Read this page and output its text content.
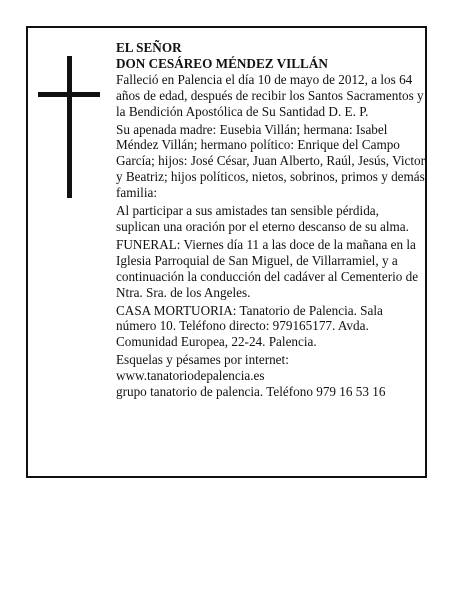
EL SEÑOR
DON CESÁREO MÉNDEZ VILLÁN
Falleció en Palencia el día 10 de mayo de 2012, a los 64 años de edad, después de recibir los Santos Sacramentos y la Bendición Apostólica de Su Santidad D. E. P.
Su apenada madre: Eusebia Villán; hermana: Isabel Méndez Villán; hermano político: Enrique del Campo García; hijos: José César, Juan Alberto, Raúl, Jesús, Victor y Beatriz; hijos políticos, nietos, sobrinos, primos y demás familia:
Al participar a sus amistades tan sensible pérdida, suplican una oración por el eterno descanso de su alma.
FUNERAL: Viernes día 11 a las doce de la mañana en la Iglesia Parroquial de San Miguel, de Villarramiel, y a continuación la conducción del cadáver al Cementerio de Ntra. Sra. de los Angeles.
CASA MORTUORIA: Tanatorio de Palencia. Sala número 10. Teléfono directo: 979165177. Avda. Comunidad Europea, 22-24. Palencia.
Esquelas y pésames por internet:
www.tanatoriodepalencia.es
grupo tanatorio de palencia. Teléfono 979 16 53 16
